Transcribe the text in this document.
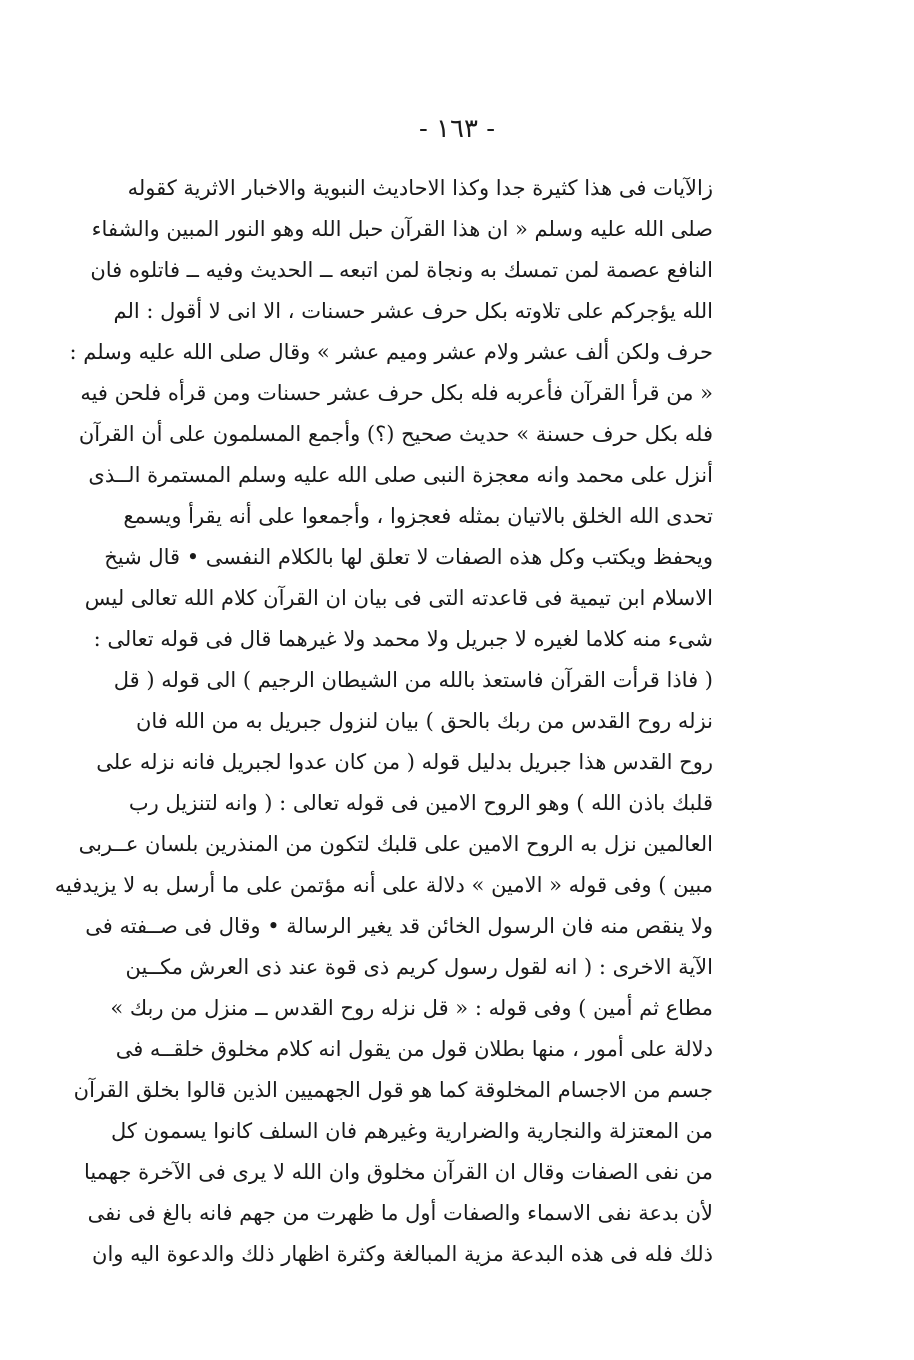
- ١٦٣ -
زالآيات فى هذا كثيرة جدا وكذا الاحاديث النبوية والاخبار الاثرية كقوله
صلى الله عليه وسلم « ان هذا القرآن حبل الله وهو النور المبين والشفاء
النافع عصمة لمن تمسك به ونجاة لمن اتبعه ــ الحديث وفيه ــ فاتلوه فان
الله يؤجركم على تلاوته بكل حرف عشر حسنات ، الا انى لا أقول : الم
حرف ولكن ألف عشر ولام عشر وميم عشر » وقال صلى الله عليه وسلم :
« من قرأ القرآن فأعربه فله بكل حرف عشر حسنات ومن قرأه فلحن فيه
فله بكل حرف حسنة » حديث صحيح (؟) وأجمع المسلمون على أن القرآن
أنزل على محمد وانه معجزة النبى صلى الله عليه وسلم المستمرة الــذى
تحدى الله الخلق بالاتيان بمثله فعجزوا ، وأجمعوا على أنه يقرأ ويسمع
ويحفظ ويكتب وكل هذه الصفات لا تعلق لها بالكلام النفسى • قال شيخ
الاسلام ابن تيمية فى قاعدته التى فى بيان ان القرآن كلام الله تعالى ليس
شىء منه كلاما لغيره لا جبريل ولا محمد ولا غيرهما قال فى قوله تعالى :
( فاذا قرأت القرآن فاستعذ بالله من الشيطان الرجيم ) الى قوله ( قل
نزله روح القدس من ربك بالحق ) بيان لنزول جبريل به من الله فان
روح القدس هذا جبريل بدليل قوله ( من كان عدوا لجبريل فانه نزله على
قلبك باذن الله ) وهو الروح الامين فى قوله تعالى : ( وانه لتنزيل رب
العالمين نزل به الروح الامين على قلبك لتكون من المنذرين بلسان عــربى
مبين ) وفى قوله « الامين » دلالة على أنه مؤتمن على ما أرسل به لا يزيدفيه
ولا ينقص منه فان الرسول الخائن قد يغير الرسالة • وقال فى صــفته فى
الآية الاخرى : ( انه لقول رسول كريم ذى قوة عند ذى العرش مكــين
مطاع ثم أمين ) وفى قوله : « قل نزله روح القدس ــ منزل من ربك »
دلالة على أمور ، منها بطلان قول من يقول انه كلام مخلوق خلقــه فى
جسم من الاجسام المخلوقة كما هو قول الجهميين الذين قالوا بخلق القرآن
من المعتزلة والنجارية والضرارية وغيرهم فان السلف كانوا يسمون كل
من نفى الصفات وقال ان القرآن مخلوق وان الله لا يرى فى الآخرة جهميا
لأن بدعة نفى الاسماء والصفات أول ما ظهرت من جهم فانه بالغ فى نفى
ذلك فله فى هذه البدعة مزية المبالغة وكثرة اظهار ذلك والدعوة اليه وان
